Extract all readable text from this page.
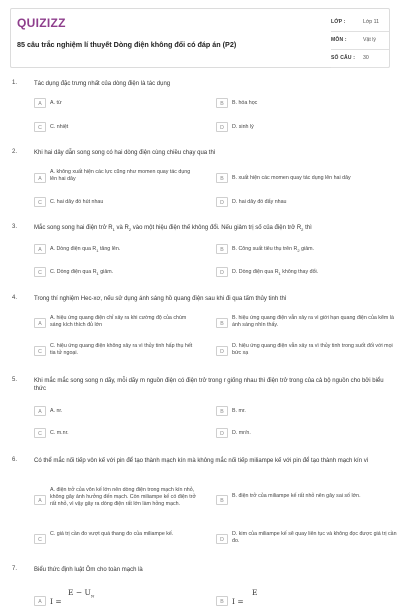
QUIZIZZ
85 câu trắc nghiệm lí thuyết Dòng điện không đổi có đáp án (P2)
LỚP :	Lớp 11
MÔN :	Vật lý
SỐ CÂU : 30
1.	Tác dụng đặc trưng nhất của dòng điện là tác dụng
A	A. từ	B	B. hóa học
C	C. nhiệt	D	D. sinh lý
2.	Khi hai dây dẫn song song có hai dòng điện cùng chiều chạy qua thì
A
A. không xuất hiện các lực cũng như momen quay tác dụng lên hai dây	B	B. xuất hiện các momen quay tác dụng lên hai dây
C	C. hai dây đó hút nhau	D	D. hai dây đó đẩy nhau
3.	Mắc song song hai điện trở $R_1$ và $R_2$ vào một hiệu điện thế không đổi. Nếu giảm trị số của điện trở $R_2$ thì
A	A. Dòng điện qua $R_1$ tăng lên.	B	B. Công suất tiêu thụ trên $R_2$ giảm.
C	C. Dòng điện qua $R_1$ giảm.	D	D. Dòng điện qua $R_1$ không thay đổi.
4.	Trong thí nghiệm Hec-xơ, nếu sử dụng ánh sáng hồ quang điện sau khi đi qua tấm thủy tinh thì
A
A. hiệu ứng quang điện chỉ xảy ra khi cường độ của chùm sáng kích thích đủ lớn	B
B. hiệu ứng quang điện vẫn xảy ra vì giới hạn quang điện của kẽm là ánh sáng nhìn thấy.
C
C. hiệu ứng quang điện không xảy ra vì thủy tinh hấp thụ hết tia tử ngoại.	D
D. hiệu ứng quang điện vẫn xảy ra vì thủy tinh trong suốt đối với mọi bức xạ
5.	Khi mắc mắc song song n dãy, mỗi dãy m nguồn điện có điện trở trong r giống nhau thì điện trở trong của cả bộ nguồn cho bởi biểu thức
A	A. nr.	B	B. mr.
C	C. m.nr.	D	D. mr/n.
6.	Có thể mắc nối tiếp vôn kế với pin để tạo thành mạch kín mà không mắc nối tiếp miliampe kế với pin để tạo thành mạch kín vì
A
A. điện trở của vôn kế lớn nên dòng điện trong mạch kín nhỏ, không gây ảnh hưởng đến mạch. Còn miliampe kế có điện trở rất nhỏ, vì vậy gây ra dòng điện rất lớn làm hỏng mạch.	B
B. điện trở của miliampe kế rất nhỏ nên gây sai số lớn.
C
C. giá trị cần đo vượt quá thang đo của miliampe kế.
D
D. kim của miliampe kế sẽ quay liên tục và không đọc được giá trị cần đo.
7.	Biểu thức định luật Ôm cho toàn mạch là
A	I =
$E - U_N$
B	I =
E
